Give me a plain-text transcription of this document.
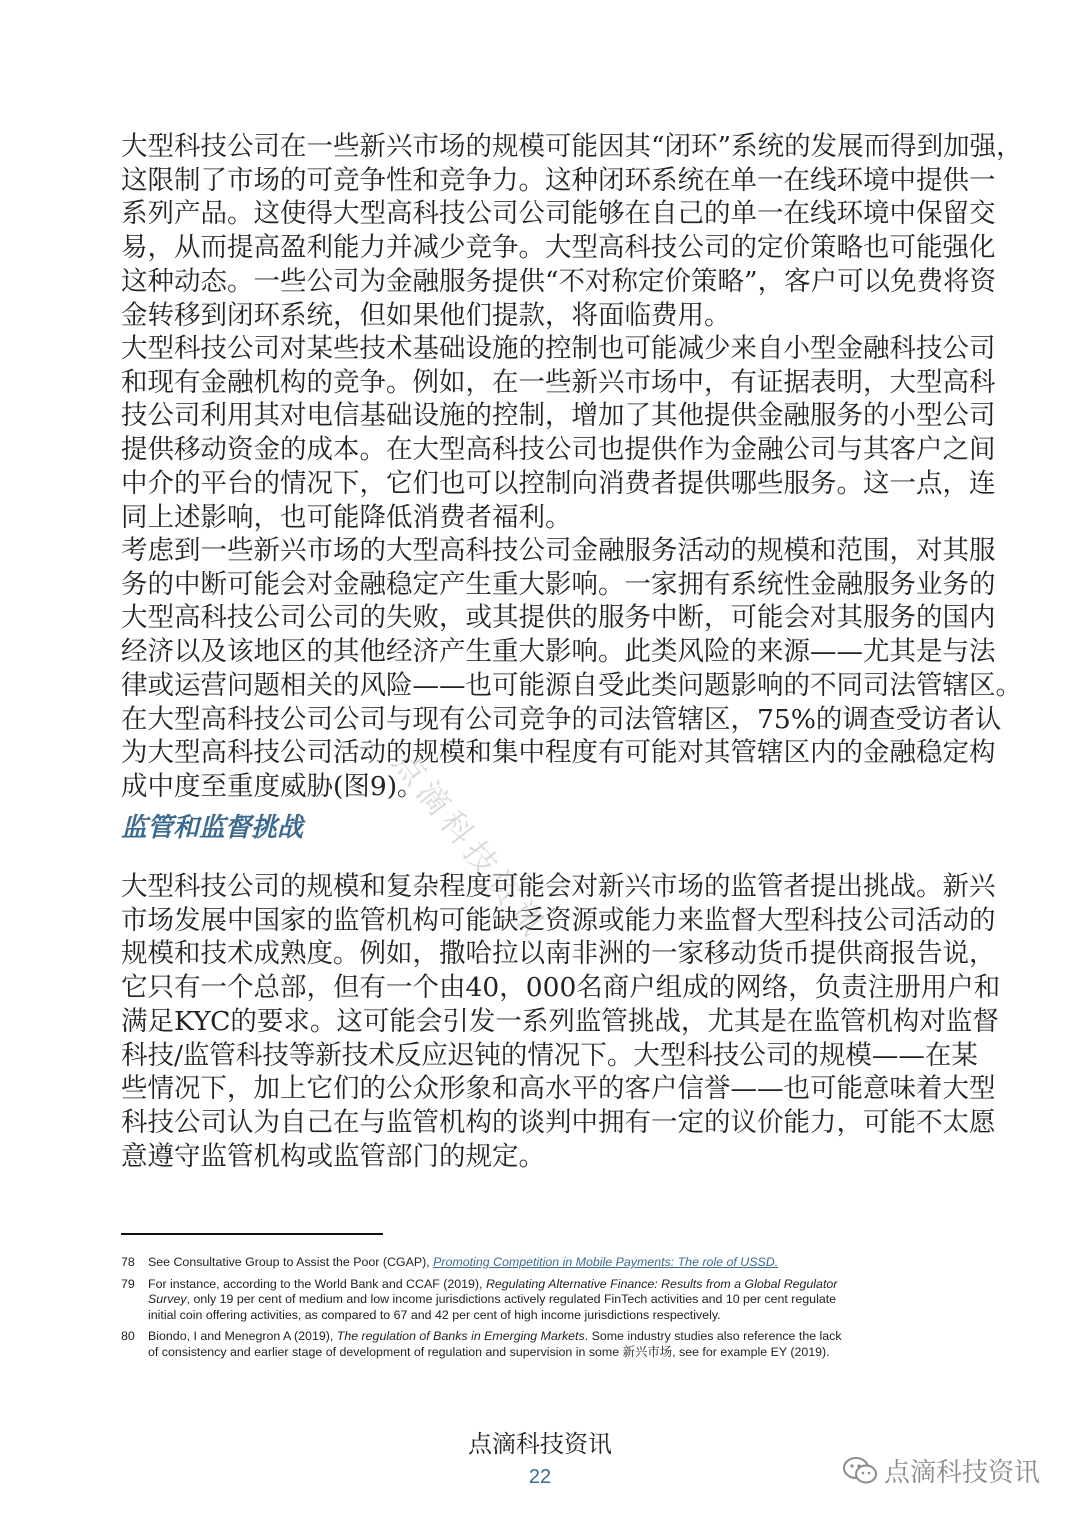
点滴科技资讯
大型科技公司在一些新兴市场的规模可能因其“闭环”系统的发展而得到加强，
这限制了市场的可竞争性和竞争力。这种闭环系统在单一在线环境中提供一
系列产品。这使得大型高科技公司公司能够在自己的单一在线环境中保留交
易，从而提高盈利能力并减少竞争。大型高科技公司的定价策略也可能强化
这种动态。一些公司为金融服务提供“不对称定价策略”，客户可以免费将资
金转移到闭环系统，但如果他们提款，将面临费用。
大型科技公司对某些技术基础设施的控制也可能减少来自小型金融科技公司
和现有金融机构的竞争。例如，在一些新兴市场中，有证据表明，大型高科
技公司利用其对电信基础设施的控制，增加了其他提供金融服务的小型公司
提供移动资金的成本。在大型高科技公司也提供作为金融公司与其客户之间
中介的平台的情况下，它们也可以控制向消费者提供哪些服务。这一点，连
同上述影响，也可能降低消费者福利。
考虑到一些新兴市场的大型高科技公司金融服务活动的规模和范围，对其服
务的中断可能会对金融稳定产生重大影响。一家拥有系统性金融服务业务的
大型高科技公司公司的失败，或其提供的服务中断，可能会对其服务的国内
经济以及该地区的其他经济产生重大影响。此类风险的来源——尤其是与法
律或运营问题相关的风险——也可能源自受此类问题影响的不同司法管辖区。
在大型高科技公司公司与现有公司竞争的司法管辖区，75%的调查受访者认
为大型高科技公司活动的规模和集中程度有可能对其管辖区内的金融稳定构
成中度至重度威胁(图9)。
监管和监督挑战
大型科技公司的规模和复杂程度可能会对新兴市场的监管者提出挑战。新兴
市场发展中国家的监管机构可能缺乏资源或能力来监督大型科技公司活动的
规模和技术成熟度。例如，撒哈拉以南非洲的一家移动货币提供商报告说，
它只有一个总部，但有一个由40，000名商户组成的网络，负责注册用户和
满足KYC的要求。这可能会引发一系列监管挑战，尤其是在监管机构对监督
科技/监管科技等新技术反应迟钝的情况下。大型科技公司的规模——在某
些情况下，加上它们的公众形象和高水平的客户信誉——也可能意味着大型
科技公司认为自己在与监管机构的谈判中拥有一定的议价能力，可能不太愿
意遵守监管机构或监管部门的规定。
78 See Consultative Group to Assist the Poor (CGAP), Promoting Competition in Mobile Payments: The role of USSD.
79 For instance, according to the World Bank and CCAF (2019), Regulating Alternative Finance: Results from a Global Regulator
Survey, only 19 per cent of medium and low income jurisdictions actively regulated FinTech activities and 10 per cent regulate
initial coin offering activities, as compared to 67 and 42 per cent of high income jurisdictions respectively.
80 Biondo, I and Menegron A (2019), The regulation of Banks in Emerging Markets. Some industry studies also reference the lack
of consistency and earlier stage of development of regulation and supervision in some 新兴市场, see for example EY (2019).
点滴科技资讯
22	点滴科技资讯
